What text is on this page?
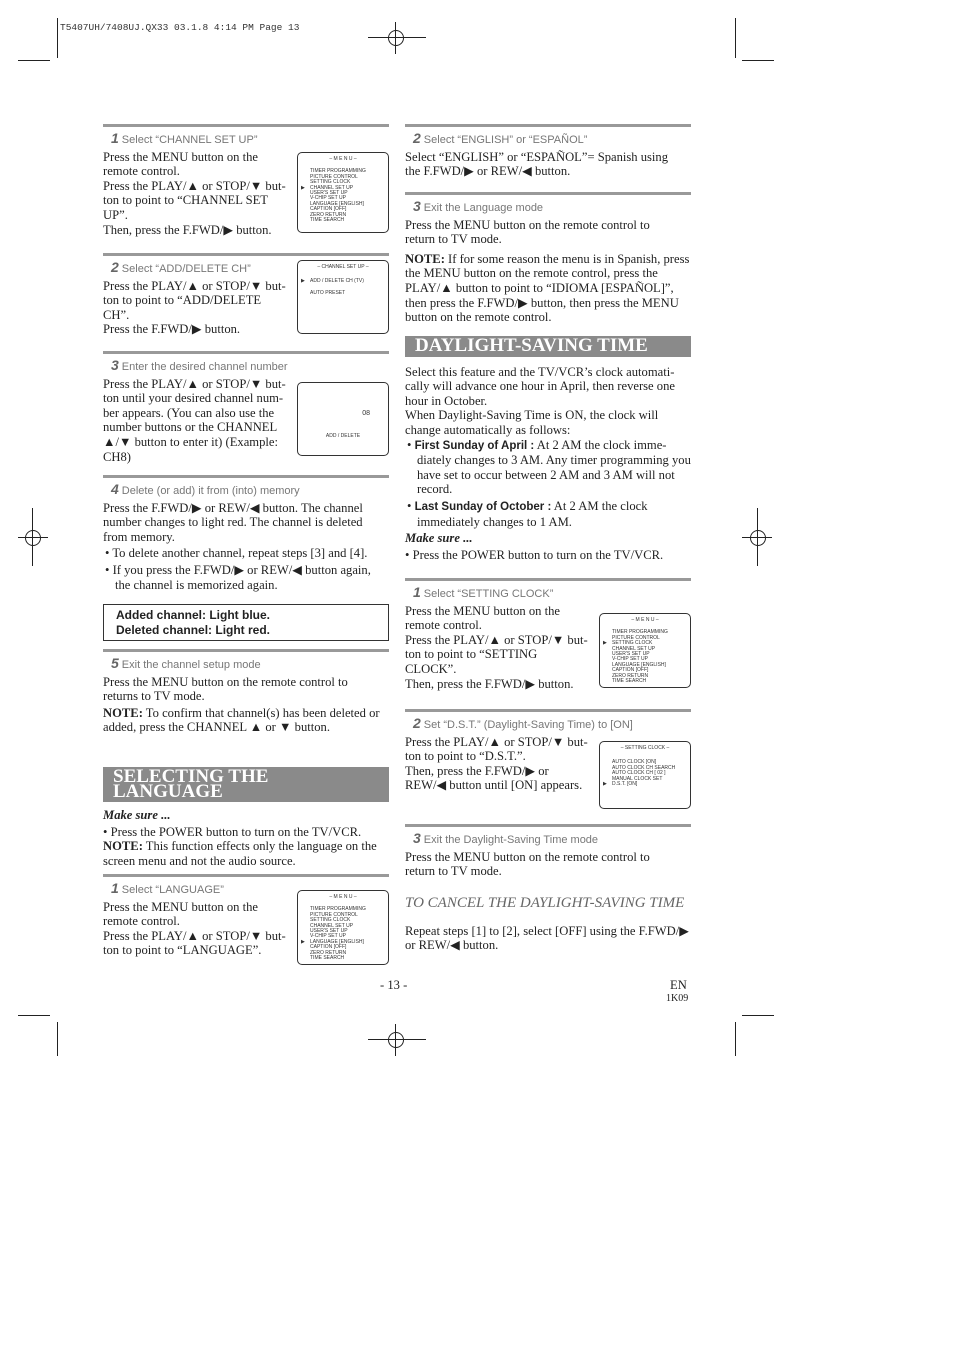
T5407UH/7408UJ.QX33 03.1.8 4:14 PM Page 13
1 Select “CHANNEL SET UP”

Press the MENU button on the

remote control.

Press the PLAY/▲ or STOP/▼ but-

ton to point to “CHANNEL SET

UP”.

Then, press the F.FWD/▶ button.

– M E N U –
TIMER PROGRAMMING
PICTURE CONTROL
SETTING CLOCK
▶ CHANNEL SET UP
USER'S SET UP
V-CHIP SET UP
LANGUAGE [ENGLISH]
CAPTION [OFF]
ZERO RETURN
TIME SEARCH
2 Select “ADD/DELETE CH”

Press the PLAY/▲ or STOP/▼ but-

ton to point to “ADD/DELETE

CH”.

Press the F.FWD/▶ button.

– CHANNEL SET UP –
▶ ADD / DELETE CH (TV)
AUTO PRESET
3 Enter the desired channel number

Press the PLAY/▲ or STOP/▼ but-

ton until your desired channel num-

ber appears. (You can also use the

number buttons or the CHANNEL

▲/▼ button to enter it) (Example:

CH8)

08
ADD / DELETE
4 Delete (or add) it from (into) memory

Press the F.FWD/▶ or REW/◀ button. The channel

number changes to light red. The channel is deleted

from memory.

• To delete another channel, repeat steps [3] and [4].

• If you press the F.FWD/▶ or REW/◀ button again, the channel is memorized again.

Added channel: Light blue.
Deleted channel: Light red.
5 Exit the channel setup mode

Press the MENU button on the remote control to

returns to TV mode.

NOTE: To confirm that channel(s) has been deleted or added, press the CHANNEL ▲ or ▼ button.

SELECTING THE LANGUAGE

Make sure ...

• Press the POWER button to turn on the TV/VCR.

NOTE: This function effects only the language on the screen menu and not the audio source.

1 Select “LANGUAGE”

Press the MENU button on the

remote control.

Press the PLAY/▲ or STOP/▼ but-

ton to point to “LANGUAGE”.

– M E N U –
TIMER PROGRAMMING
PICTURE CONTROL
SETTING CLOCK
CHANNEL SET UP
USER'S SET UP
V-CHIP SET UP
▶ LANGUAGE [ENGLISH]
CAPTION [OFF]
ZERO RETURN
TIME SEARCH
2 Select “ENGLISH” or “ESPAÑOL”

Select “ENGLISH” or “ESPAÑOL”= Spanish using

the F.FWD/▶ or REW/◀ button.

3 Exit the Language mode

Press the MENU button on the remote control to

return to TV mode.

NOTE: If for some reason the menu is in Spanish, press the MENU button on the remote control, press the PLAY/▲ button to point to “IDIOMA [ESPAÑOL]”, then press the F.FWD/▶ button, then press the MENU button on the remote control.

DAYLIGHT-SAVING TIME

Select this feature and the TV/VCR’s clock automati-cally will advance one hour in April, then reverse one hour in October.

When Daylight-Saving Time is ON, the clock will change automatically as follows:

• First Sunday of April : At 2 AM the clock imme-diately changes to 3 AM. Any timer programming you have set to occur between 2 AM and 3 AM will not record.

• Last Sunday of October : At 2 AM the clock immediately changes to 1 AM.

Make sure ...

• Press the POWER button to turn on the TV/VCR.

1 Select “SETTING CLOCK”

Press the MENU button on the

remote control.

Press the PLAY/▲ or STOP/▼ but-

ton to point to “SETTING

CLOCK”.

Then, press the F.FWD/▶ button.

– M E N U –
TIMER PROGRAMMING
PICTURE CONTROL
▶ SETTING CLOCK
CHANNEL SET UP
USER'S SET UP
V-CHIP SET UP
LANGUAGE [ENGLISH]
CAPTION [OFF]
ZERO RETURN
TIME SEARCH
2 Set “D.S.T.” (Daylight-Saving Time) to [ON]

Press the PLAY/▲ or STOP/▼ but-

ton to point to “D.S.T.”.

Then, press the F.FWD/▶ or

REW/◀ button until [ON] appears.

– SETTING CLOCK –
AUTO CLOCK [ON]
AUTO CLOCK CH SEARCH
AUTO CLOCK CH [ 02 ]
MANUAL CLOCK SET
▶ D.S.T. [ON]
3 Exit the Daylight-Saving Time mode

Press the MENU button on the remote control to

return to TV mode.

TO CANCEL THE DAYLIGHT-SAVING TIME

Repeat steps [1] to [2], select [OFF] using the F.FWD/▶ or REW/◀ button.

- 13 -	EN
1K09
